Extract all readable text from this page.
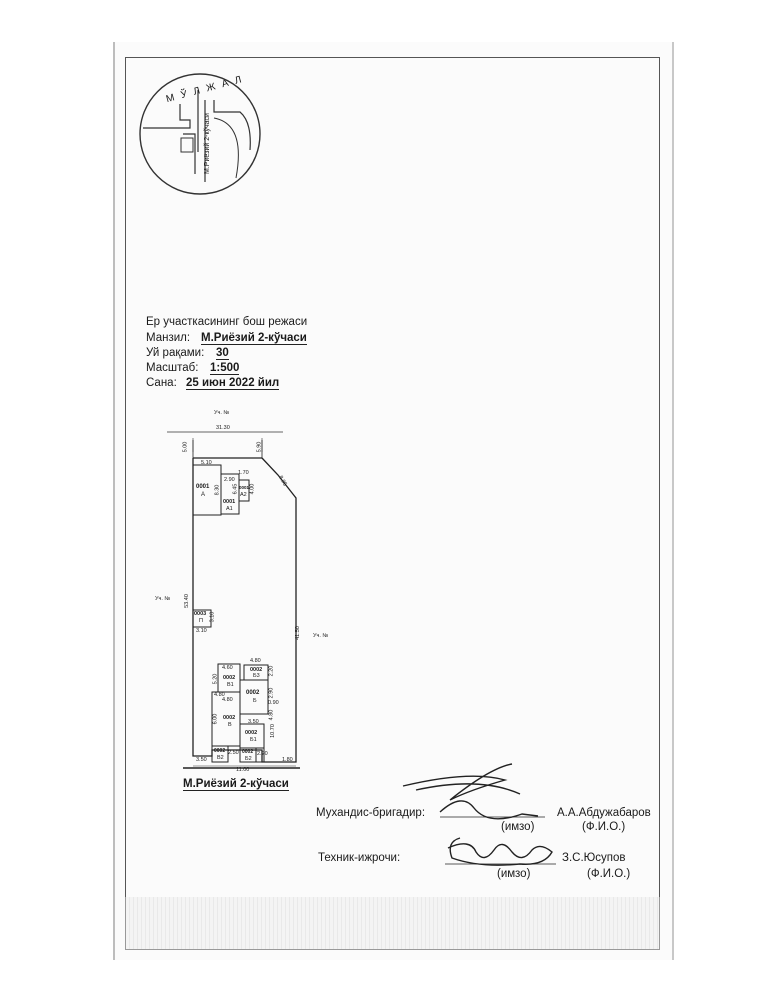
М Ў Л Ж А Л
М.Риёзий 2-кўчаси
Ер участкасининг бош режаси
Манзил: М.Риёзий 2-кўчаси
Уй рақами: 30
Масштаб: 1:500
Сана: 25 июн 2022 йил
Уч. №
31.30
5.00	5.90
8.95
Уч. № 53.40
Уч. №
41.50
11.00
3.50	1.80
5.10
0001
А 8.30
2.90
0001
А1
6.45
1.70
0001
А2
4.00
0003
П
3.10
3.10
4.80
0002
Б3 2.20
4.60
0002
В1
5.20
0002
Б
4.80
2.90
0.90
4.80
0002
В
6.00
4.80
3.50
0002
Б1
10.70
0002
В2
2.50 0002
Б2
2.20
М.Риёзий 2-кўчаси
Мухандис-бригадир:	А.А.Абдужабаров
(имзо)	(Ф.И.О.)
Техник-ижрочи:	З.С.Юсупов
(имзо)	(Ф.И.О.)
